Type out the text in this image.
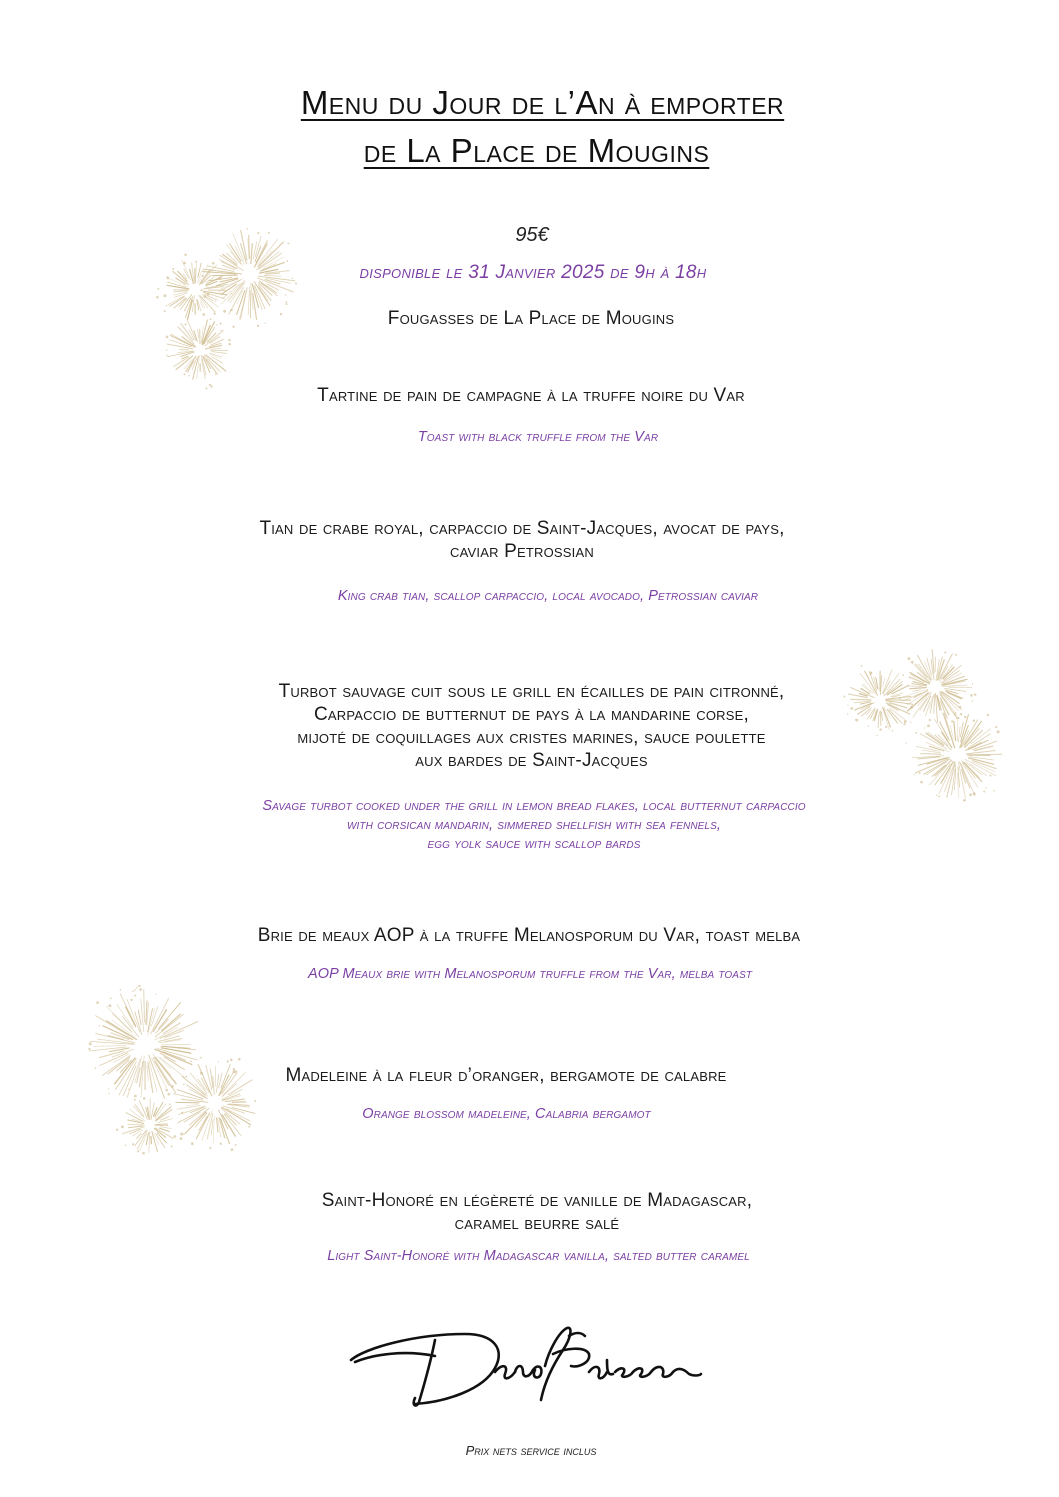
Menu du Jour de l’An à emporter
de La Place de Mougins
95€
disponible le 31 Janvier 2025 de 9h à 18h
Fougasses de La Place de Mougins
Tartine de pain de campagne à la truffe noire du Var
Toast with black truffle from the Var
Tian de crabe royal, carpaccio de Saint-Jacques, avocat de pays,
caviar Petrossian
King crab tian, scallop carpaccio, local avocado, Petrossian caviar
Turbot sauvage cuit sous le grill en écailles de pain citronné,
Carpaccio de butternut de pays à la mandarine corse,
mijoté de coquillages aux cristes marines, sauce poulette
aux bardes de Saint-Jacques
Savage turbot cooked under the grill in lemon bread flakes, local butternut carpaccio
with corsican mandarin, simmered shellfish with sea fennels,
egg yolk sauce with scallop bards
Brie de meaux AOP à la truffe Melanosporum du Var, toast melba
AOP Meaux brie with Melanosporum truffle from the Var, melba toast
Madeleine à la fleur d’oranger, bergamote de calabre
Orange blossom madeleine, Calabria bergamot
Saint-Honoré en légèreté de vanille de Madagascar,
caramel beurre salé
Light Saint-Honoré with Madagascar vanilla, salted butter caramel
Prix nets service inclus
